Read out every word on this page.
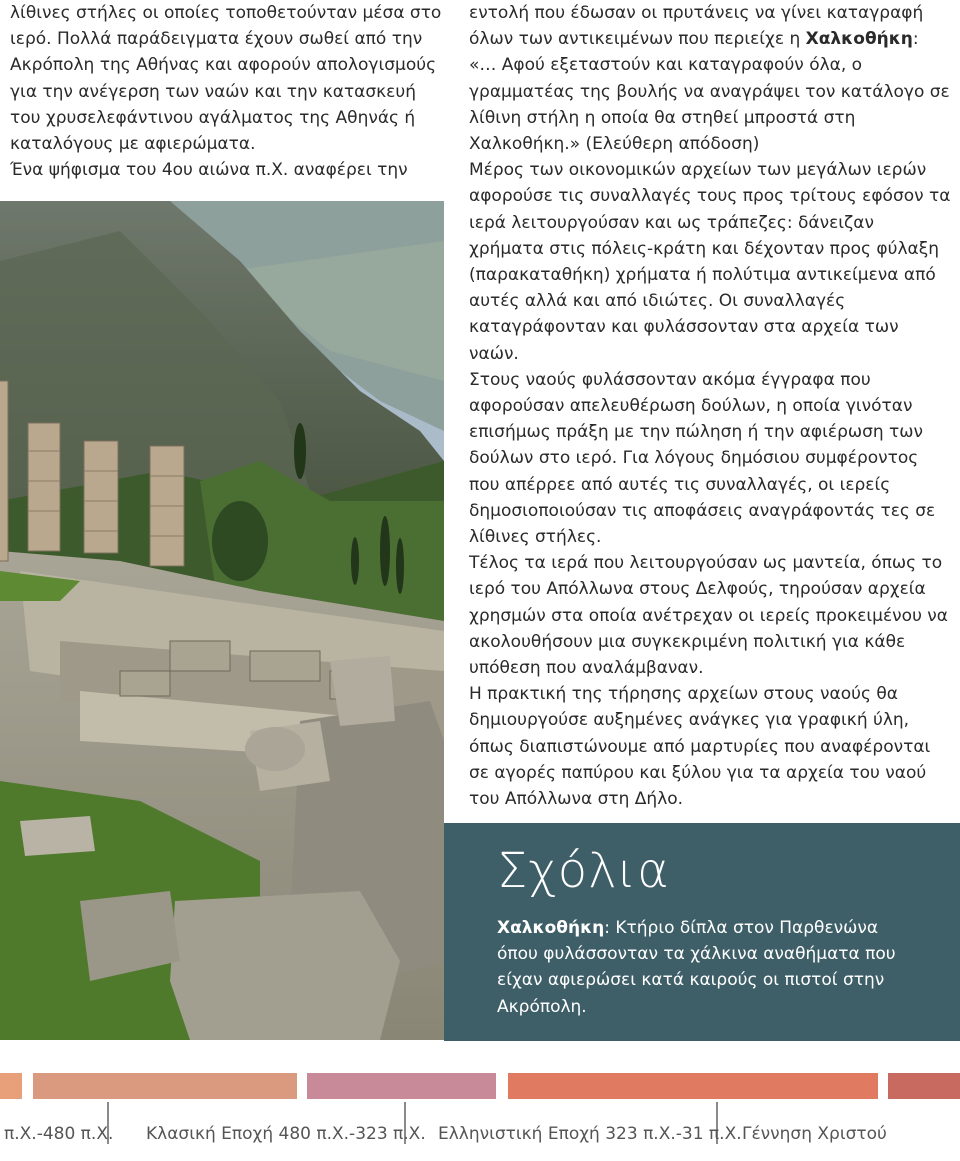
λίθινες στήλες οι οποίες τοποθετούνταν μέσα στο ιερό. Πολλά παράδειγματα έχουν σωθεί από την Ακρόπολη της Αθήνας και αφορούν απολογισμούς για την ανέγερση των ναών και την κατασκευή του χρυσελεφάντινου αγάλματος της Αθηνάς ή καταλόγους με αφιερώματα.

Ένα ψήφισμα του 4ου αιώνα π.Χ. αναφέρει την

εντολή που έδωσαν οι πρυτάνεις να γίνει καταγραφή όλων των αντικειμένων που περιείχε η Χαλκοθήκη: «… Αφού εξεταστούν και καταγραφούν όλα, ο γραμματέας της βουλής να αναγράψει τον κατάλογο σε λίθινη στήλη η οποία θα στηθεί μπροστά στη Χαλκοθήκη.» (Ελεύθερη απόδοση)

Μέρος των οικονομικών αρχείων των μεγάλων ιερών αφορούσε τις συναλλαγές τους προς τρίτους εφόσον τα ιερά λειτουργούσαν και ως τράπεζες: δάνειζαν χρήματα στις πόλεις-κράτη και δέχονταν προς φύλαξη (παρακαταθήκη) χρήματα ή πολύτιμα αντικείμενα από αυτές αλλά και από ιδιώτες. Οι συναλλαγές καταγράφονταν και φυλάσσονταν στα αρχεία των ναών.

Στους ναούς φυλάσσονταν ακόμα έγγραφα που αφορούσαν απελευθέρωση δούλων, η οποία γινόταν επισήμως πράξη με την πώληση ή την αφιέρωση των δούλων στο ιερό. Για λόγους δημόσιου συμφέροντος που απέρρεε από αυτές τις συναλλαγές, οι ιερείς δημοσιοποιούσαν τις αποφάσεις αναγράφοντάς τες σε λίθινες στήλες.

Τέλος τα ιερά που λειτουργούσαν ως μαντεία, όπως το ιερό του Απόλλωνα στους Δελφούς, τηρούσαν αρχεία χρησμών στα οποία ανέτρεχαν οι ιερείς προκειμένου να ακολουθήσουν μια συγκεκριμένη πολιτική για κάθε υπόθεση που αναλάμβαναν.

Η πρακτική της τήρησης αρχείων στους ναούς θα δημιουργούσε αυξημένες ανάγκες για γραφική ύλη, όπως διαπιστώνουμε από μαρτυρίες που αναφέρονται σε αγορές παπύρου και ξύλου για τα αρχεία του ναού του Απόλλωνα στη Δήλο.

Σχόλια
Χαλκοθήκη: Κτήριο δίπλα στον Παρθενώνα όπου φυλάσσονταν τα χάλκινα αναθήματα που είχαν αφιερώσει κατά καιρούς οι πιστοί στην Ακρόπολη.
π.Χ.-480 π.Χ. Κλασική Εποχή 480 π.Χ.-323 π.Χ. Ελληνιστική Εποχή 323 π.Χ.-31 π.Χ. Γέννηση Χριστού
